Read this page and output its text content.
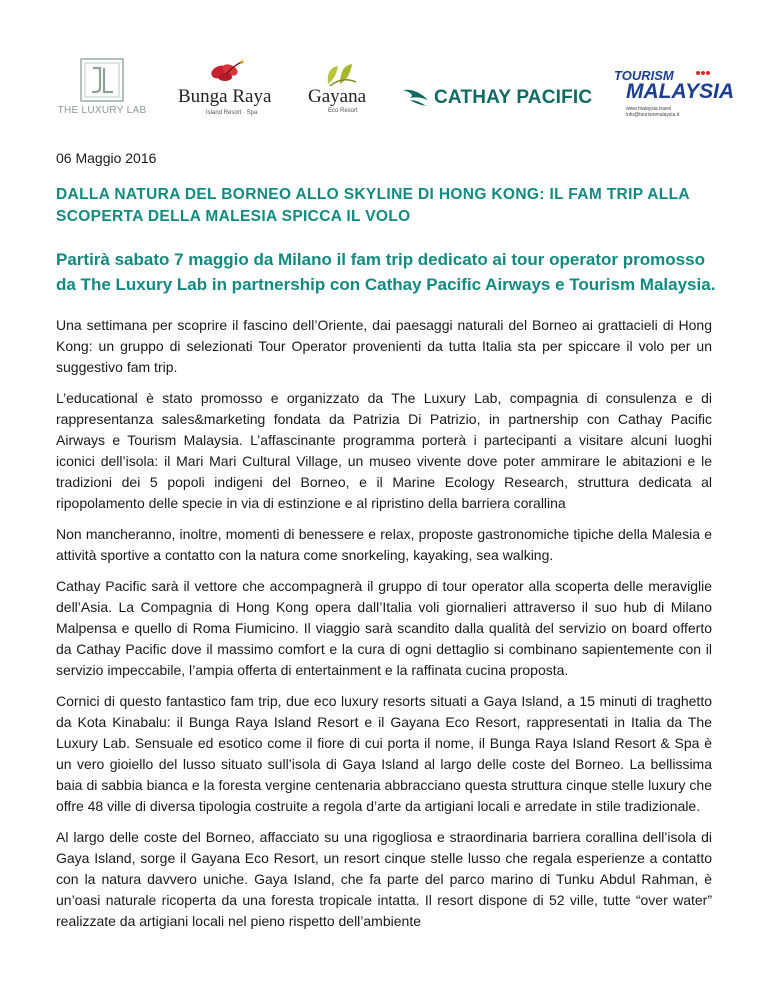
THE LUXURY LAB
Bunga Raya
Island Resort · Spa
Gayana
Eco Resort
CATHAY PACIFIC
TOURISM
MALAYSIA
www.malaysia.travel
info@tourismmalaysia.it
06 Maggio 2016
DALLA NATURA DEL BORNEO ALLO SKYLINE DI HONG KONG: IL FAM TRIP ALLA SCOPERTA DELLA MALESIA SPICCA IL VOLO
Partirà sabato 7 maggio da Milano il fam trip dedicato ai tour operator promosso da The Luxury Lab in partnership con Cathay Pacific Airways e Tourism Malaysia.

Una settimana per scoprire il fascino dell’Oriente, dai paesaggi naturali del Borneo ai grattacieli di Hong Kong: un gruppo di selezionati Tour Operator provenienti da tutta Italia sta per spiccare il volo per un suggestivo fam trip.

L’educational è stato promosso e organizzato da The Luxury Lab, compagnia di consulenza e di rappresentanza sales&marketing fondata da Patrizia Di Patrizio, in partnership con Cathay Pacific Airways e Tourism Malaysia. L’affascinante programma porterà i partecipanti a visitare alcuni luoghi iconici dell’isola: il Mari Mari Cultural Village, un museo vivente dove poter ammirare le abitazioni e le tradizioni dei 5 popoli indigeni del Borneo, e il Marine Ecology Research, struttura dedicata al ripopolamento delle specie in via di estinzione e al ripristino della barriera corallina

Non mancheranno, inoltre, momenti di benessere e relax, proposte gastronomiche tipiche della Malesia e attività sportive a contatto con la natura come snorkeling, kayaking, sea walking.

Cathay Pacific sarà il vettore che accompagnerà il gruppo di tour operator alla scoperta delle meraviglie dell’Asia. La Compagnia di Hong Kong opera dall’Italia voli giornalieri attraverso il suo hub di Milano Malpensa e quello di Roma Fiumicino. Il viaggio sarà scandito dalla qualità del servizio on board offerto da Cathay Pacific dove il massimo comfort e la cura di ogni dettaglio si combinano sapientemente con il servizio impeccabile, l’ampia offerta di entertainment e la raffinata cucina proposta.

Cornici di questo fantastico fam trip, due eco luxury resorts situati a Gaya Island, a 15 minuti di traghetto da Kota Kinabalu: il Bunga Raya Island Resort e il Gayana Eco Resort, rappresentati in Italia da The Luxury Lab. Sensuale ed esotico come il fiore di cui porta il nome, il Bunga Raya Island Resort & Spa è un vero gioiello del lusso situato sull’isola di Gaya Island al largo delle coste del Borneo. La bellissima baia di sabbia bianca e la foresta vergine centenaria abbracciano questa struttura cinque stelle luxury che offre 48 ville di diversa tipologia costruite a regola d’arte da artigiani locali e arredate in stile tradizionale.

Al largo delle coste del Borneo, affacciato su una rigogliosa e straordinaria barriera corallina dell’isola di Gaya Island, sorge il Gayana Eco Resort, un resort cinque stelle lusso che regala esperienze a contatto con la natura davvero uniche. Gaya Island, che fa parte del parco marino di Tunku Abdul Rahman, è un’oasi naturale ricoperta da una foresta tropicale intatta. Il resort dispone di 52 ville, tutte “over water” realizzate da artigiani locali nel pieno rispetto dell’ambiente
